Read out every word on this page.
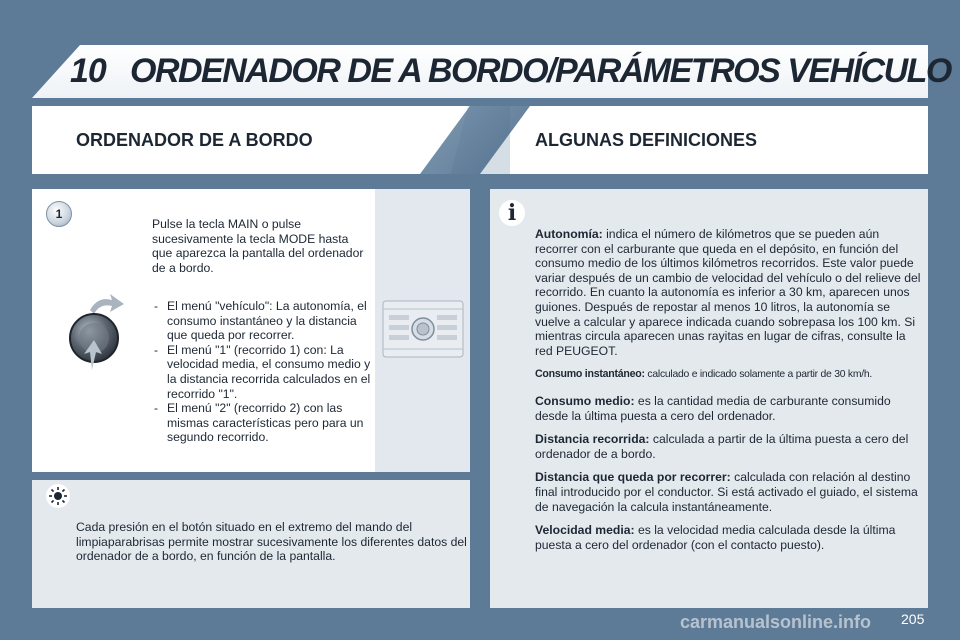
10 ORDENADOR DE A BORDO/PARÁMETROS VEHÍCULO
ORDENADOR DE A BORDO	ALGUNAS DEFINICIONES
1
Pulse la tecla MAIN o pulse sucesivamente la tecla MODE hasta que aparezca la pantalla del ordenador de a bordo.
- El menú "vehículo": La autonomía, el consumo instantáneo y la distancia que queda por recorrer.
- El menú "1" (recorrido 1) con: La velocidad media, el consumo medio y la distancia recorrida calculados en el recorrido "1".
- El menú "2" (recorrido 2) con las mismas características pero para un segundo recorrido.
Cada presión en el botón situado en el extremo del mando del limpiaparabrisas permite mostrar sucesivamente los diferentes datos del ordenador de a bordo, en función de la pantalla.
i

Autonomía: indica el número de kilómetros que se pueden aún recorrer con el carburante que queda en el depósito, en función del consumo medio de los últimos kilómetros recorridos. Este valor puede variar después de un cambio de velocidad del vehículo o del relieve del recorrido. En cuanto la autonomía es inferior a 30 km, aparecen unos guiones. Después de repostar al menos 10 litros, la autonomía se vuelve a calcular y aparece indicada cuando sobrepasa los 100 km. Si mientras circula aparecen unas rayitas en lugar de cifras, consulte la red PEUGEOT.

Consumo instantáneo: calculado e indicado solamente a partir de 30 km/h.

Consumo medio: es la cantidad media de carburante consumido desde la última puesta a cero del ordenador.

Distancia recorrida: calculada a partir de la última puesta a cero del ordenador de a bordo.

Distancia que queda por recorrer: calculada con relación al destino final introducido por el conductor. Si está activado el guiado, el sistema de navegación la calcula instantáneamente.

Velocidad media: es la velocidad media calculada desde la última puesta a cero del ordenador (con el contacto puesto).

carmanualsonline.info 205
